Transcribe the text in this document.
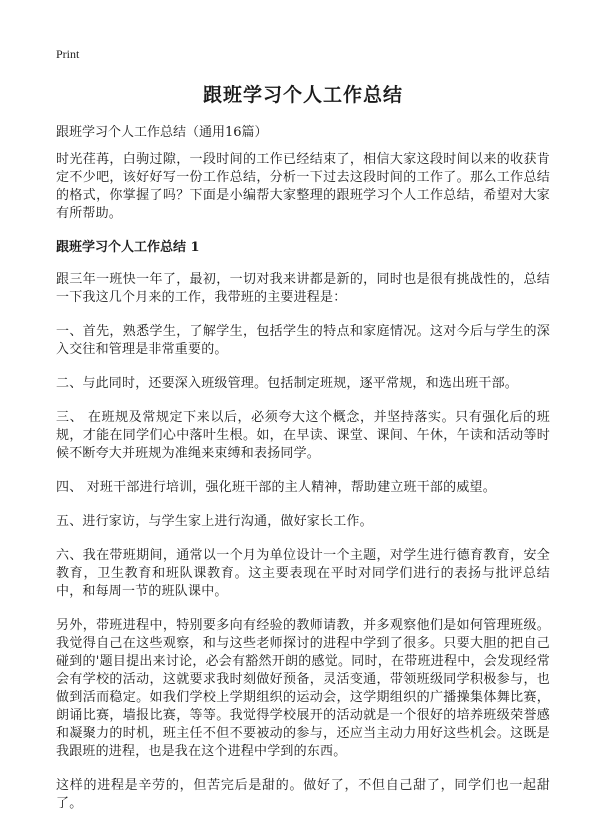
Print
跟班学习个人工作总结

跟班学习个人工作总结（通用16篇）

时光荏苒，白驹过隙，一段时间的工作已经结束了，相信大家这段时间以来的收获肯定不少吧，该好好写一份工作总结，分析一下过去这段时间的工作了。那么工作总结的格式，你掌握了吗？下面是小编帮大家整理的跟班学习个人工作总结，希望对大家有所帮助。

跟班学习个人工作总结 1

跟三年一班快一年了，最初，一切对我来讲都是新的，同时也是很有挑战性的，总结一下我这几个月来的工作，我带班的主要进程是：

一、首先，熟悉学生，了解学生，包括学生的特点和家庭情况。这对今后与学生的深入交往和管理是非常重要的。

二、与此同时，还要深入班级管理。包括制定班规，逐平常规，和选出班干部。

三、 在班规及常规定下来以后，必须夸大这个概念，并坚持落实。只有强化后的班规，才能在同学们心中落叶生根。如，在早读、课堂、课间、午休，午读和活动等时候不断夸大并班规为准绳来束缚和表扬同学。

四、 对班干部进行培训，强化班干部的主人精神，帮助建立班干部的威望。

五、进行家访，与学生家上进行沟通，做好家长工作。

六、我在带班期间，通常以一个月为单位设计一个主题，对学生进行德育教育，安全教育，卫生教育和班队课教育。这主要表现在平时对同学们进行的表扬与批评总结中，和每周一节的班队课中。

另外，带班进程中，特别要多向有经验的教师请教，并多观察他们是如何管理班级。我觉得自己在这些观察，和与这些老师探讨的进程中学到了很多。只要大胆的把自己碰到的'题目提出来讨论，必会有豁然开朗的感觉。同时，在带班进程中，会发现经常会有学校的活动，这就要求我时刻做好预备，灵活变通，带领班级同学积极参与，也做到活而稳定。如我们学校上学期组织的运动会，这学期组织的广播操集体舞比赛，朗诵比赛，墙报比赛，等等。我觉得学校展开的活动就是一个很好的培养班级荣誉感和凝聚力的时机，班主任不但不要被动的参与，还应当主动力用好这些机会。这既是我跟班的进程，也是我在这个进程中学到的东西。

这样的进程是辛劳的，但苦完后是甜的。做好了，不但自己甜了，同学们也一起甜了。
